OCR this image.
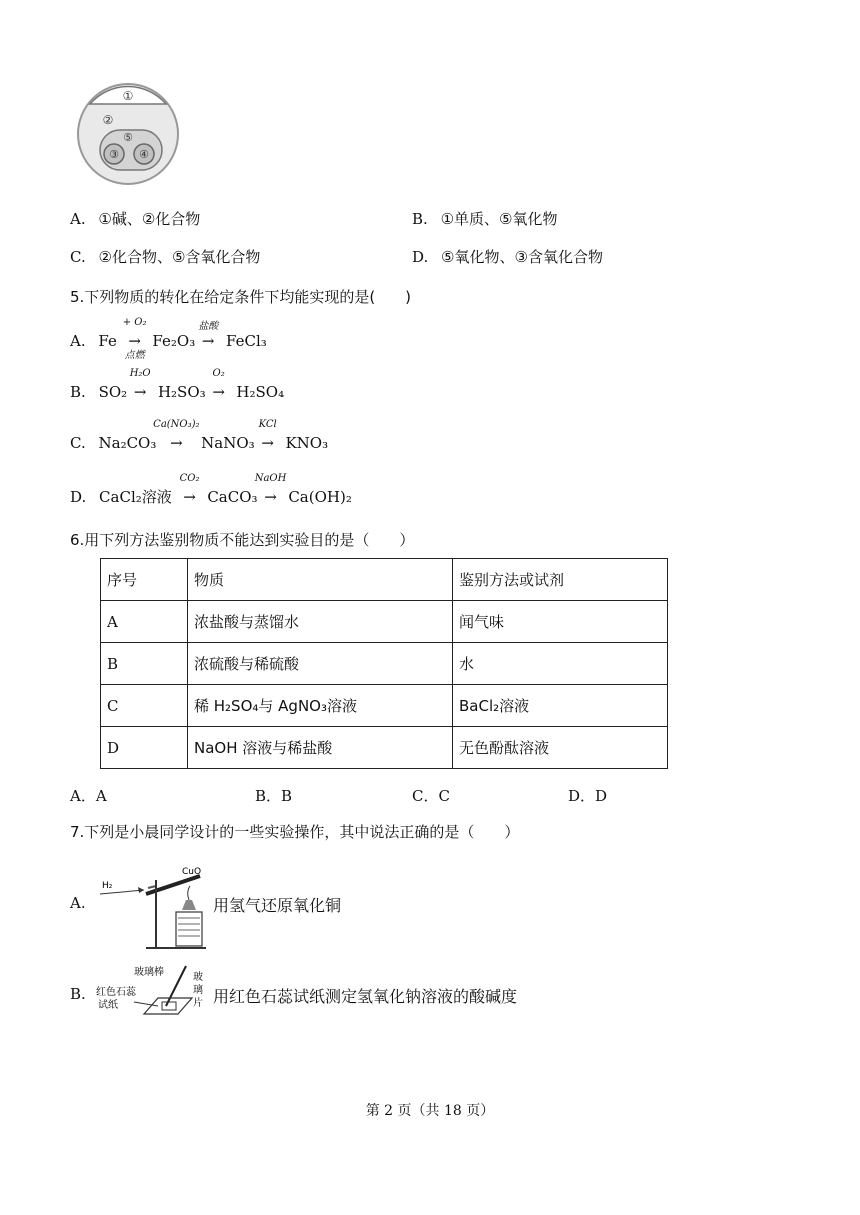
①
②
⑤
③ ④
A. ①碱、②化合物	B. ①单质、⑤氧化物
C. ②化合物、⑤含氧化合物	D. ⑤氧化物、③含氧化合物
5.下列物质的转化在给定条件下均能实现的是(　　)
A. Fe
+ O₂
→
点燃
Fe₂O₃
盐酸
→ FeCl₃
B. SO₂
H₂O
→ H₂SO₃
O₂
→ H₂SO₄
C. Na₂CO₃
Ca(NO₃)₂
→ NaNO₃
KCl
→ KNO₃
D. CaCl₂溶液
CO₂
→ CaCO₃
NaOH
→ Ca(OH)₂
6.用下列方法鉴别物质不能达到实验目的是（　　）
序号	物质	鉴别方法或试剂
A	浓盐酸与蒸馏水	闻气味
B	浓硫酸与稀硫酸	水
C	稀 H₂SO₄与 AgNO₃溶液	BaCl₂溶液
D	NaOH 溶液与稀盐酸	无色酚酞溶液
A．A	B．B	C．C	D．D
7.下列是小晨同学设计的一些实验操作，其中说法正确的是（　　）
A.
H₂
CuO
用氢气还原氧化铜
B.
玻璃棒
红色石蕊
试纸
玻
璃
片 用红色石蕊试纸测定氢氧化钠溶液的酸碱度
第 2 页（共 18 页）
